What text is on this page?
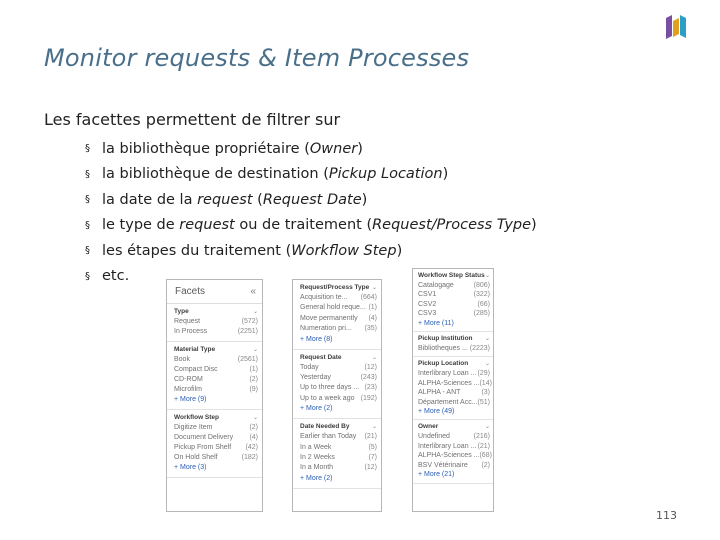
Monitor requests & Item Processes
Les facettes permettent de filtrer sur
§ la bibliothèque propriétaire (Owner)
§ la bibliothèque de destination (Pickup Location)
§ la date de la request (Request Date)
§ le type de request ou de traitement (Request/Process Type)
§ les étapes du traitement (Workflow Step)
§ etc.
Facets	«
Type	⌄
Request	(572)
In Process	(2251)
Material Type	⌄
Book	(2561)
Compact Disc	(1)
CD-ROM	(2)
Microfilm	(9)
+ More (9)
Workflow Step	⌄
Digitize Item	(2)
Document Delivery (4)
Pickup From Shelf (42)
On Hold Shelf	(182)
+ More (3)
Request/Process Type ⌄
Acquisition te... (664)
General hold reque... (1)
Move permanently (4)
Numeration pri... (35)
+ More (8)
Request Date	⌄
Today	(12)
Yesterday	(243)
Up to three days ... (23)
Up to a week ago (192)
+ More (2)
Date Needed By	⌄
Earlier than Today (21)
In a Week	(5)
In 2 Weeks	(7)
In a Month	(12)
+ More (2)
Workflow Step Status ⌄
Catalogage	(806)
CSV1	(322)
CSV2	(66)
CSV3	(285)
+ More (11)
Pickup Institution ⌄
Bibliotheques ... (2223)
Pickup Location	⌄
Interlibrary Loan ... (29)
ALPHA-Sciences ... (14)
ALPHA - ANT	(3)
Département Acc... (51)
+ More (49)
Owner	⌄
Undefined	(216)
Interlibrary Loan ... (21)
ALPHA-Sciences ... (68)
BSV Vétérinaire (2)
+ More (21)
113
